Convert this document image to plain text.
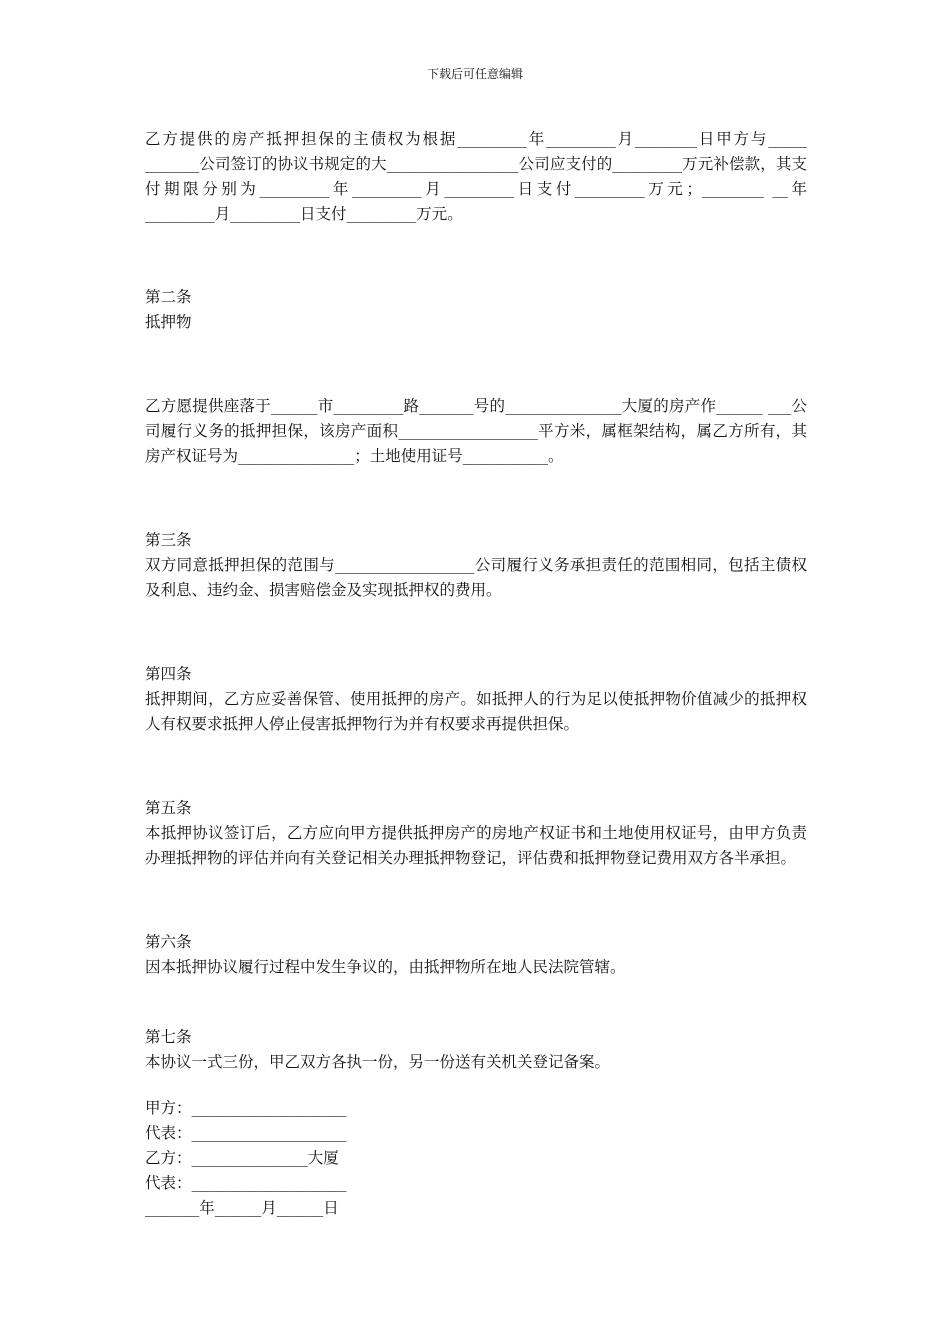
下载后可任意编辑

乙方提供的房产抵押担保的主债权为根据_________年_________月________日甲方与_____ _______公司签订的协议书规定的大_________________公司应支付的_________万元补偿款，其支付期限分别为_________年_________月_________日支付_________万元；________ __年_________月_________日支付_________万元。

第二条

抵押物

乙方愿提供座落于______市_________路_______号的_______________大厦的房产作______ ___公司履行义务的抵押担保，该房产面积__________________平方米，属框架结构，属乙方所有，其房产权证号为_______________；土地使用证号___________。

第三条

双方同意抵押担保的范围与__________________公司履行义务承担责任的范围相同，包括主债权及利息、违约金、损害赔偿金及实现抵押权的费用。

第四条

抵押期间，乙方应妥善保管、使用抵押的房产。如抵押人的行为足以使抵押物价值减少的抵押权人有权要求抵押人停止侵害抵押物行为并有权要求再提供担保。

第五条

本抵押协议签订后，乙方应向甲方提供抵押房产的房地产权证书和土地使用权证号，由甲方负责办理抵押物的评估并向有关登记相关办理抵押物登记，评估费和抵押物登记费用双方各半承担。

第六条

因本抵押协议履行过程中发生争议的，由抵押物所在地人民法院管辖。

第七条

本协议一式三份，甲乙双方各执一份，另一份送有关机关登记备案。

甲方：____________________

代表：____________________

乙方：_______________大厦

代表：____________________

_______年______月______日
